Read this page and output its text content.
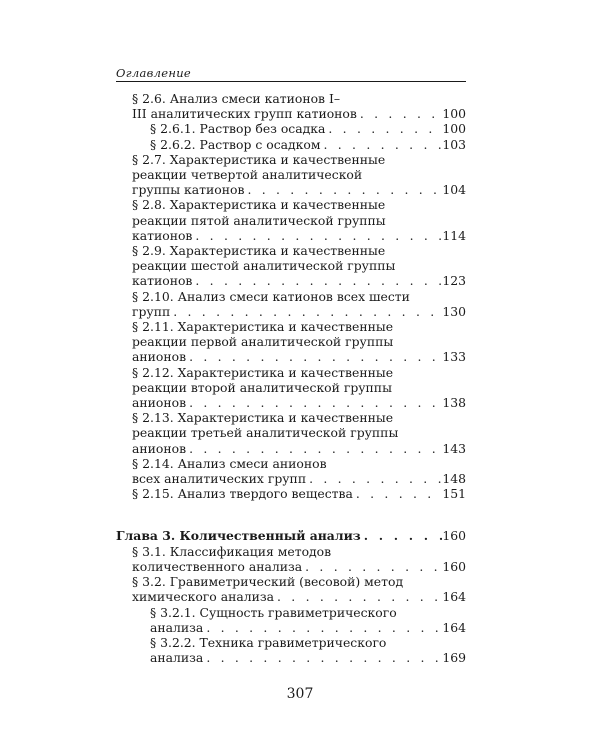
Оглавление
§ 2.6. Анализ смеси катионов I–
III аналитических групп катионов . . .	100
§ 2.6.1. Раствор без осадка . . .	100
§ 2.6.2. Раствор с осадком . . .	103
§ 2.7. Характеристика и качественные
реакции четвертой аналитической
группы катионов . . .	104
§ 2.8. Характеристика и качественные
реакции пятой аналитической группы
катионов . . .	114
§ 2.9. Характеристика и качественные
реакции шестой аналитической группы
катионов . . .	123
§ 2.10. Анализ смеси катионов всех шести
групп . . .	130
§ 2.11. Характеристика и качественные
реакции первой аналитической группы
анионов . . .	133
§ 2.12. Характеристика и качественные
реакции второй аналитической группы
анионов . . .	138
§ 2.13. Характеристика и качественные
реакции третьей аналитической группы
анионов . . .	143
§ 2.14. Анализ смеси анионов
всех аналитических групп . . .	148
§ 2.15. Анализ твердого вещества . . .	151
Глава 3. Количественный анализ . . .	160
§ 3.1. Классификация методов
количественного анализа . . .	160
§ 3.2. Гравиметрический (весовой) метод
химического анализа . . .	164
§ 3.2.1. Сущность гравиметрического
анализа . . .	164
§ 3.2.2. Техника гравиметрического
анализа . . .	169
307
